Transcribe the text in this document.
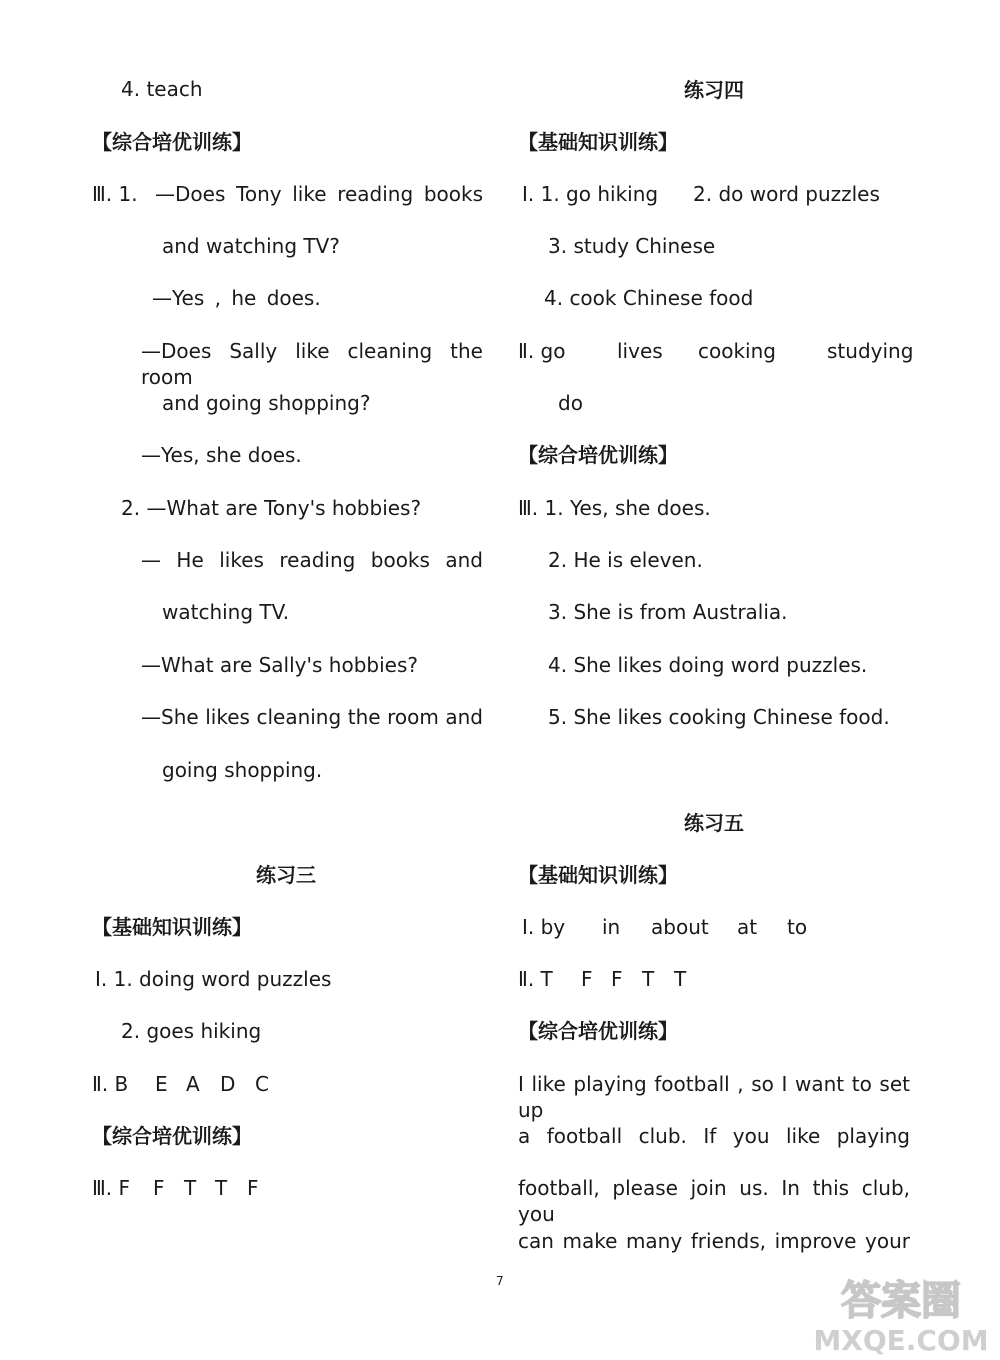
4. teach
【综合培优训练】
Ⅲ. 1. —Does Tony like reading books
and watching TV?
—Yes , he does.
—Does Sally like cleaning the room
and going shopping?
—Yes, she does.
2. —What are Tony's hobbies?
— He likes reading books and
watching TV.
—What are Sally's hobbies?
—She likes cleaning the room and
going shopping.
练习三
【基础知识训练】
Ⅰ. 1. doing word puzzles
2. goes hiking
Ⅱ. B E A D C
【综合培优训练】
Ⅲ. F F T T F
练习四
【基础知识训练】
Ⅰ. 1. go hiking 2. do word puzzles
3. study Chinese
4. cook Chinese food
Ⅱ. go	lives cooking	studying
do
【综合培优训练】
Ⅲ. 1. Yes, she does.
2. He is eleven.
3. She is from Australia.
4. She likes doing word puzzles.
5. She likes cooking Chinese food.
练习五
【基础知识训练】
Ⅰ. by in about at to
Ⅱ. T F F T T
【综合培优训练】
I like playing football , so I want to set up
a football club. If you like playing
football, please join us. In this club, you
can make many friends, improve your
7	答案圈
MXQE.COM
